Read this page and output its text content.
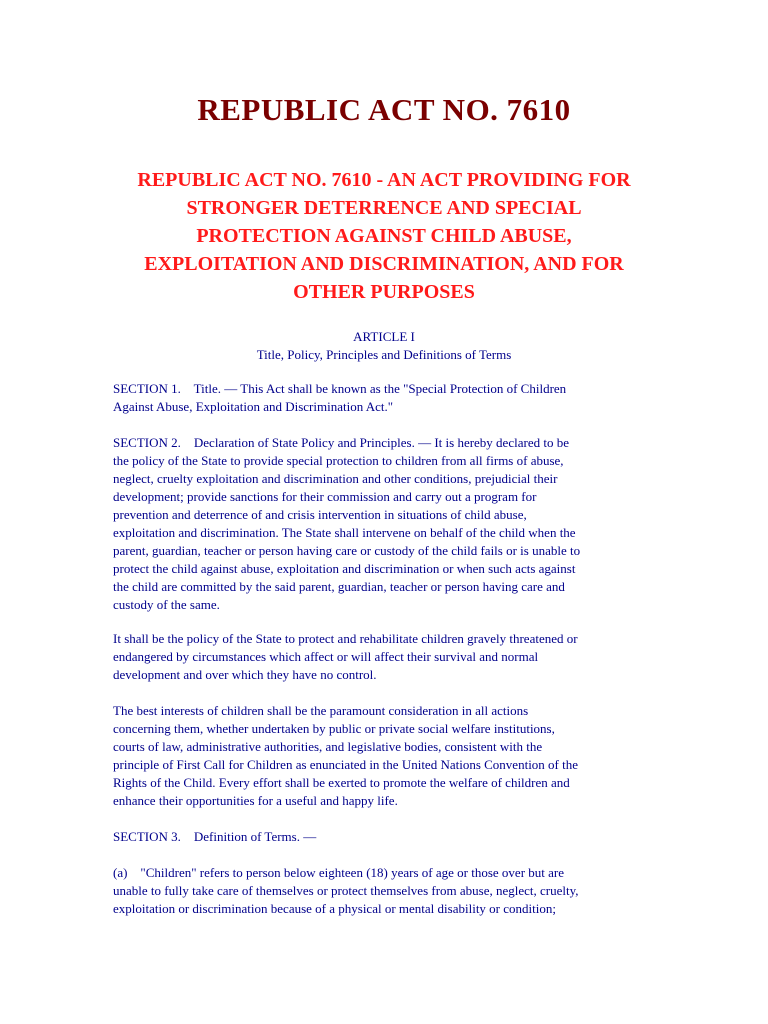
REPUBLIC ACT NO. 7610
REPUBLIC ACT NO. 7610 - AN ACT PROVIDING FOR
STRONGER DETERRENCE AND SPECIAL
PROTECTION AGAINST CHILD ABUSE,
EXPLOITATION AND DISCRIMINATION, AND FOR
OTHER PURPOSES
ARTICLE I
Title, Policy, Principles and Definitions of Terms

SECTION 1.    Title. — This Act shall be known as the "Special Protection of Children

Against Abuse, Exploitation and Discrimination Act."

SECTION 2.    Declaration of State Policy and Principles. — It is hereby declared to be

the policy of the State to provide special protection to children from all firms of abuse,

neglect, cruelty exploitation and discrimination and other conditions, prejudicial their

development; provide sanctions for their commission and carry out a program for

prevention and deterrence of and crisis intervention in situations of child abuse,

exploitation and discrimination. The State shall intervene on behalf of the child when the

parent, guardian, teacher or person having care or custody of the child fails or is unable to

protect the child against abuse, exploitation and discrimination or when such acts against

the child are committed by the said parent, guardian, teacher or person having care and

custody of the same.

It shall be the policy of the State to protect and rehabilitate children gravely threatened or

endangered by circumstances which affect or will affect their survival and normal

development and over which they have no control.

The best interests of children shall be the paramount consideration in all actions

concerning them, whether undertaken by public or private social welfare institutions,

courts of law, administrative authorities, and legislative bodies, consistent with the

principle of First Call for Children as enunciated in the United Nations Convention of the

Rights of the Child. Every effort shall be exerted to promote the welfare of children and

enhance their opportunities for a useful and happy life.

SECTION 3.    Definition of Terms. —

(a)    "Children" refers to person below eighteen (18) years of age or those over but are

unable to fully take care of themselves or protect themselves from abuse, neglect, cruelty,

exploitation or discrimination because of a physical or mental disability or condition;
